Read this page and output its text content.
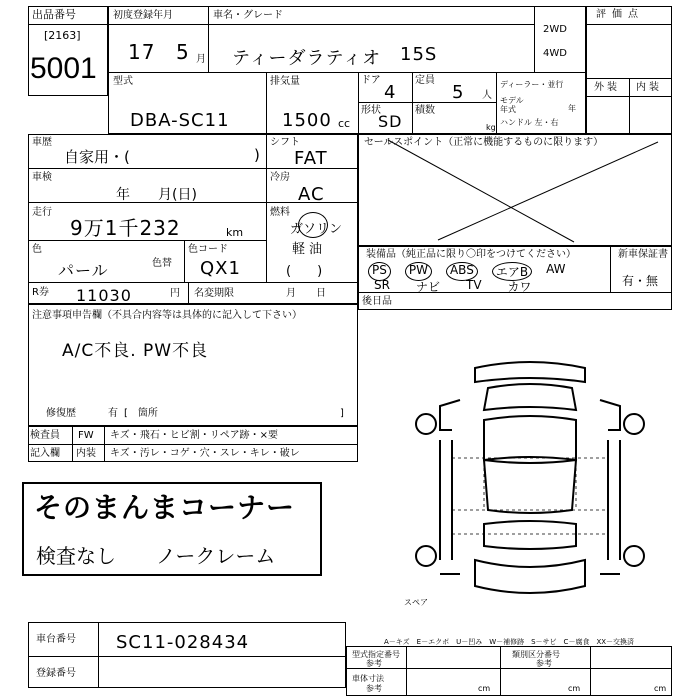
出品番号
[2163]
5001
初度登録年月
17 5 月
車名・グレード
ティーダラティオ 15S
2WD
4WD
型式
DBA-SC11
排気量
1500 cc
ドア
4
定員
5 人
形状
SD
積数
kg
ディーラー・並行
モデル年式	年
ハンドル 左・右
評価点
外装 内装
車歴
自家用・(	)
シフト
FAT
車検
年　　月(日)
冷房
AC
走行
9万1千232	km
燃料
ガソリン
軽油
(　　)
色
パール	色替
色コード
QX1
R券 11030	円 名変期限	月　　日
セールスポイント（正常に機能するものに限ります）
装備品（純正品に限り〇印をつけてください）	新車保証書
有・無
後日品
PS	PW	ABS	エアB	AW
SR ナビ TV カワ
注意事項申告欄（不具合内容等は具体的に記入して下さい）
A/C不良. PW不良
修復歴	有 [　箇所	]
検査員
記入欄
FW キズ・飛石・ヒビ割・リペア跡・×要
内装 キズ・汚レ・コゲ・穴・スレ・キレ・破レ
そのまんまコーナー
検査なし　　ノークレーム
スペア
A－キズ　E－エクボ　U－凹み　W－補修跡　S－サビ　C－腐食　XX－交換済
車台番号 SC11-028434
登録番号
型式指定番号
参考
類別区分番号
参考
車体寸法
参考	cm	cm	cm
